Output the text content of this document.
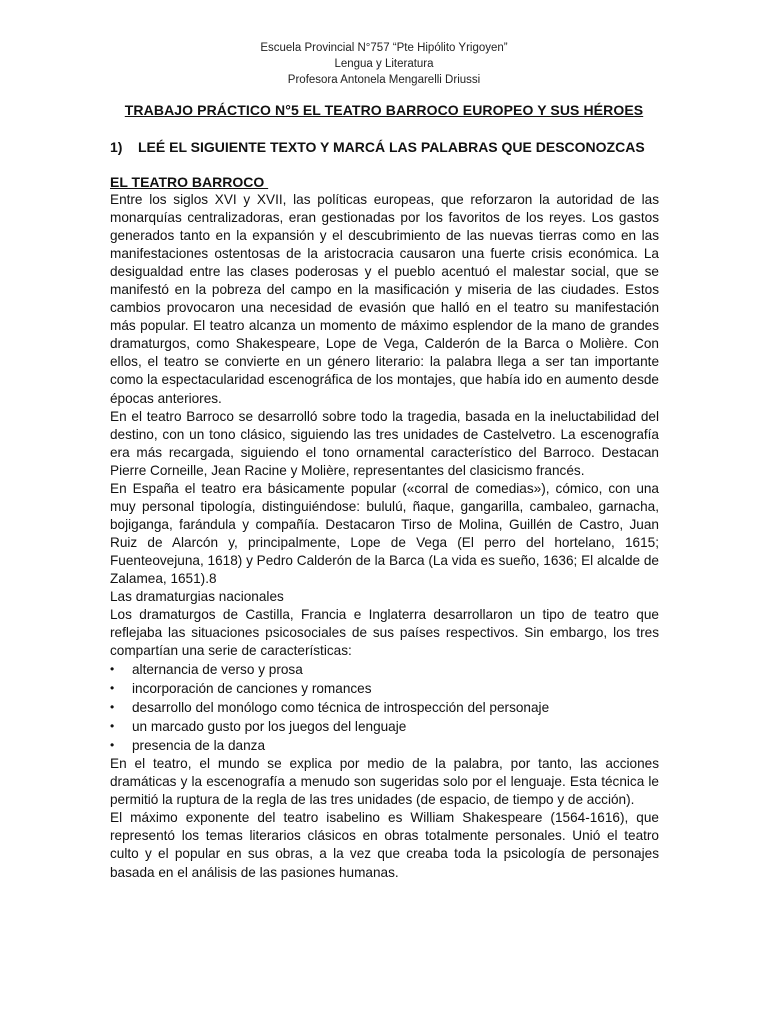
Escuela Provincial N°757 “Pte Hipólito Yrigoyen”
Lengua y Literatura
Profesora Antonela Mengarelli Driussi
TRABAJO PRÁCTICO N°5 EL TEATRO BARROCO EUROPEO Y SUS HÉROES
1) LEÉ EL SIGUIENTE TEXTO Y MARCÁ LAS PALABRAS QUE DESCONOZCAS
EL TEATRO BARROCO

Entre los siglos XVI y XVII, las políticas europeas, que reforzaron la autoridad de las monarquías centralizadoras, eran gestionadas por los favoritos de los reyes. Los gastos generados tanto en la expansión y el descubrimiento de las nuevas tierras como en las manifestaciones ostentosas de la aristocracia causaron una fuerte crisis económica. La desigualdad entre las clases poderosas y el pueblo acentuó el malestar social, que se manifestó en la pobreza del campo en la masificación y miseria de las ciudades. Estos cambios provocaron una necesidad de evasión que halló en el teatro su manifestación más popular. El teatro alcanza un momento de máximo esplendor de la mano de grandes dramaturgos, como Shakespeare, Lope de Vega, Calderón de la Barca o Molière. Con ellos, el teatro se convierte en un género literario: la palabra llega a ser tan importante como la espectacularidad escenográfica de los montajes, que había ido en aumento desde épocas anteriores.

En el teatro Barroco se desarrolló sobre todo la tragedia, basada en la ineluctabilidad del destino, con un tono clásico, siguiendo las tres unidades de Castelvetro. La escenografía era más recargada, siguiendo el tono ornamental característico del Barroco. Destacan Pierre Corneille, Jean Racine y Molière, representantes del clasicismo francés.

En España el teatro era básicamente popular («corral de comedias»), cómico, con una muy personal tipología, distinguiéndose: bululú, ñaque, gangarilla, cambaleo, garnacha, bojiganga, farándula y compañía. Destacaron Tirso de Molina, Guillén de Castro, Juan Ruiz de Alarcón y, principalmente, Lope de Vega (El perro del hortelano, 1615; Fuenteovejuna, 1618) y Pedro Calderón de la Barca (La vida es sueño, 1636; El alcalde de Zalamea, 1651).8

Las dramaturgias nacionales

Los dramaturgos de Castilla, Francia e Inglaterra desarrollaron un tipo de teatro que reflejaba las situaciones psicosociales de sus países respectivos. Sin embargo, los tres compartían una serie de características:

• alternancia de verso y prosa
• incorporación de canciones y romances
• desarrollo del monólogo como técnica de introspección del personaje
• un marcado gusto por los juegos del lenguaje
• presencia de la danza

En el teatro, el mundo se explica por medio de la palabra, por tanto, las acciones dramáticas y la escenografía a menudo son sugeridas solo por el lenguaje. Esta técnica le permitió la ruptura de la regla de las tres unidades (de espacio, de tiempo y de acción).

El máximo exponente del teatro isabelino es William Shakespeare (1564-1616), que representó los temas literarios clásicos en obras totalmente personales. Unió el teatro culto y el popular en sus obras, a la vez que creaba toda la psicología de personajes basada en el análisis de las pasiones humanas.
